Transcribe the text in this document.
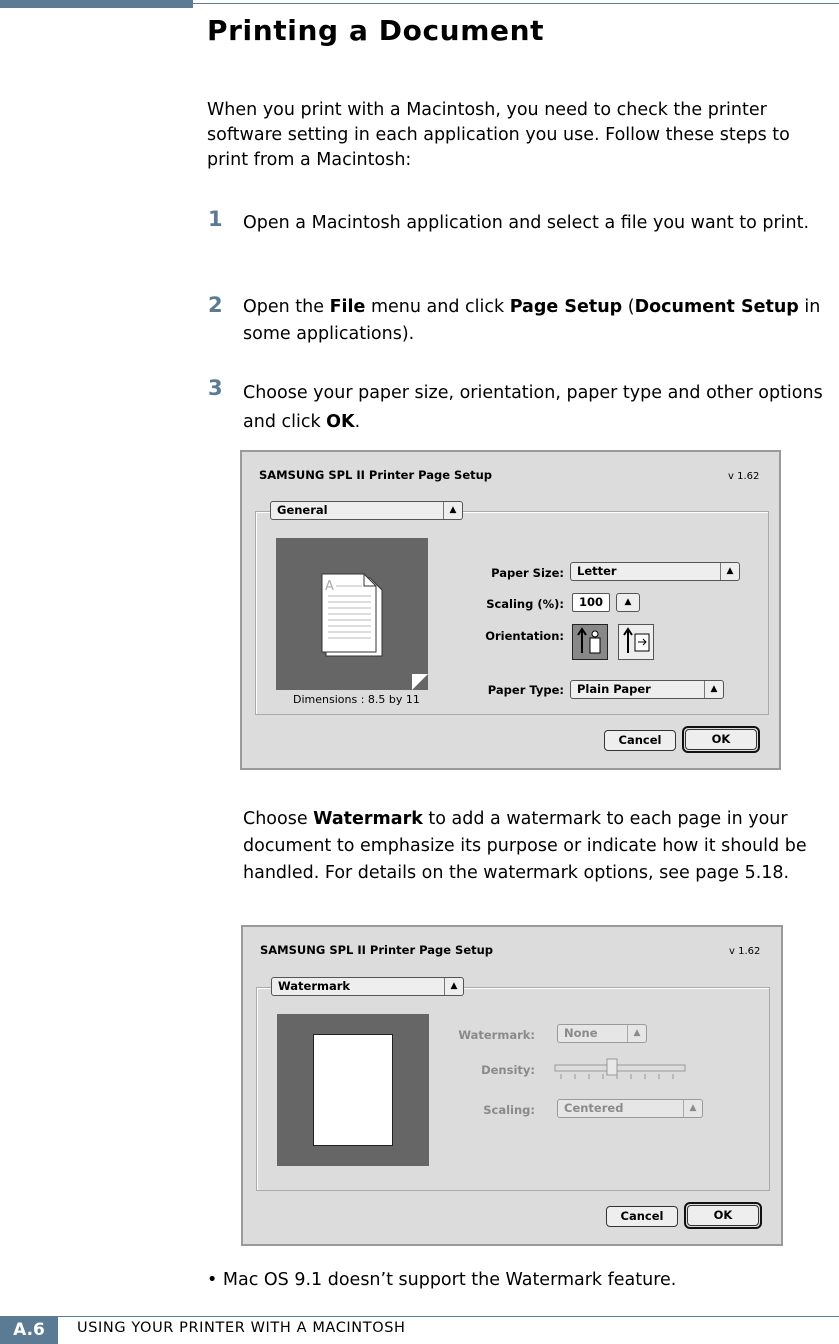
Printing a Document
When you print with a Macintosh, you need to check the printer software setting in each application you use. Follow these steps to print from a Macintosh:
1 Open a Macintosh application and select a file you want to print.
2 Open the File menu and click Page Setup (Document Setup in some applications).
3 Choose your paper size, orientation, paper type and other options and click OK.
SAMSUNG SPL II Printer Page Setup	v 1.62
General	▲

A
Dimensions : 8.5 by 11
Paper Size:	Letter	▲
Scaling (%):	100	▲
Orientation:
Paper Type:	Plain Paper	▲
Cancel	OK
Choose Watermark to add a watermark to each page in your document to emphasize its purpose or indicate how it should be handled. For details on the watermark options, see page 5.18.
SAMSUNG SPL II Printer Page Setup	v 1.62
Watermark	▲
Watermark:	None	▲
Density:
Scaling:	Centered	▲
Cancel	OK
• Mac OS 9.1 doesn’t support the Watermark feature.
A.6	USING YOUR PRINTER WITH A MACINTOSH
